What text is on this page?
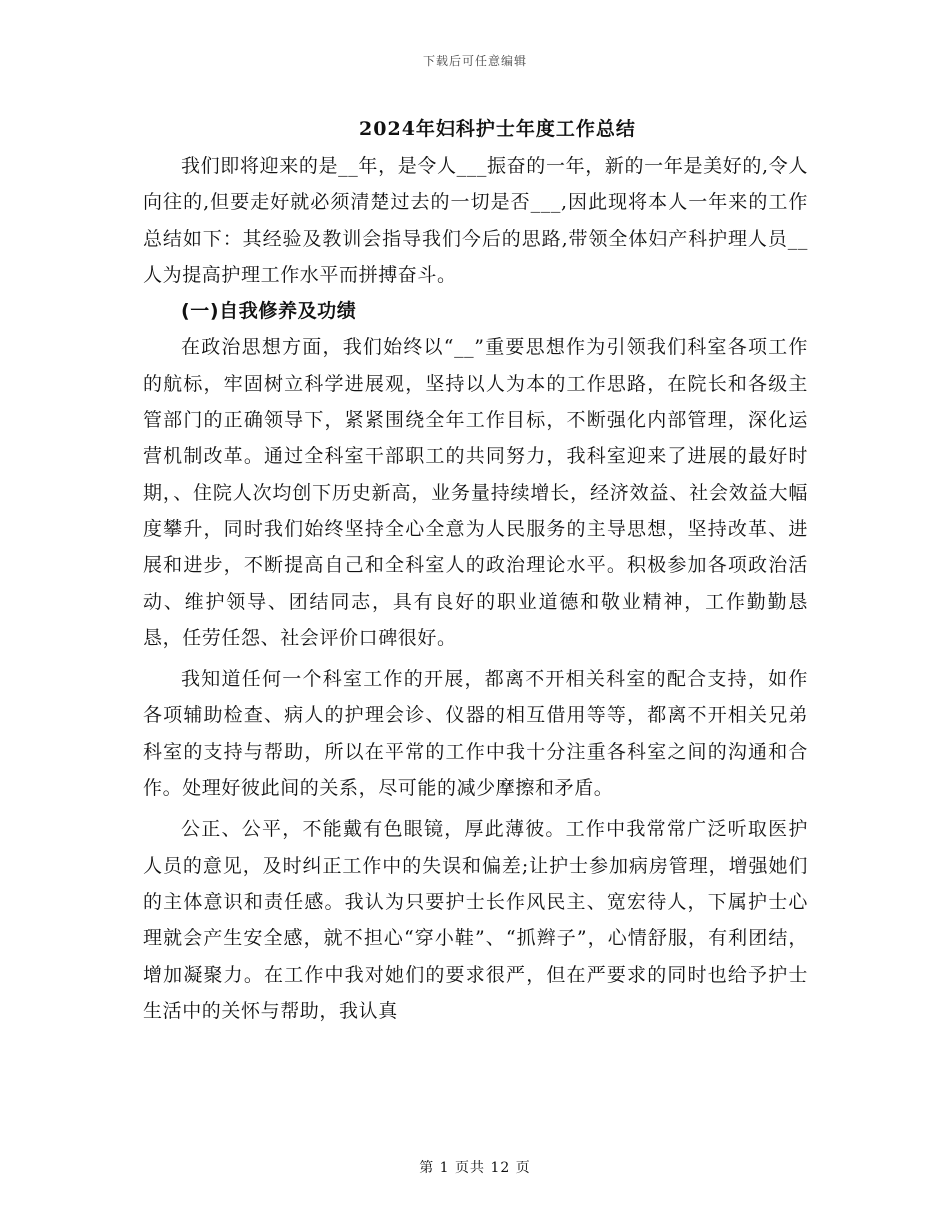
下载后可任意编辑
2024年妇科护士年度工作总结

我们即将迎来的是__年，是令人___振奋的一年，新的一年是美好的,令人向往的,但要走好就必须清楚过去的一切是否___,因此现将本人一年来的工作总结如下：其经验及教训会指导我们今后的思路,带领全体妇产科护理人员__人为提高护理工作水平而拼搏奋斗。

(一)自我修养及功绩

在政治思想方面，我们始终以“__”重要思想作为引领我们科室各项工作的航标，牢固树立科学进展观，坚持以人为本的工作思路，在院长和各级主管部门的正确领导下，紧紧围绕全年工作目标，不断强化内部管理，深化运营机制改革。通过全科室干部职工的共同努力，我科室迎来了进展的最好时期，、住院人次均创下历史新高，业务量持续增长，经济效益、社会效益大幅度攀升，同时我们始终坚持全心全意为人民服务的主导思想，坚持改革、进展和进步，不断提高自己和全科室人的政治理论水平。积极参加各项政治活动、维护领导、团结同志，具有良好的职业道德和敬业精神，工作勤勤恳恳，任劳任怨、社会评价口碑很好。

我知道任何一个科室工作的开展，都离不开相关科室的配合支持，如作各项辅助检查、病人的护理会诊、仪器的相互借用等等，都离不开相关兄弟科室的支持与帮助，所以在平常的工作中我十分注重各科室之间的沟通和合作。处理好彼此间的关系，尽可能的减少摩擦和矛盾。

公正、公平，不能戴有色眼镜，厚此薄彼。工作中我常常广泛听取医护人员的意见，及时纠正工作中的失误和偏差;让护士参加病房管理，增强她们的主体意识和责任感。我认为只要护士长作风民主、宽宏待人，下属护士心理就会产生安全感，就不担心“穿小鞋”、“抓辫子”，心情舒服，有利团结，增加凝聚力。在工作中我对她们的要求很严，但在严要求的同时也给予护士生活中的关怀与帮助，我认真

第 1 页共 12 页
